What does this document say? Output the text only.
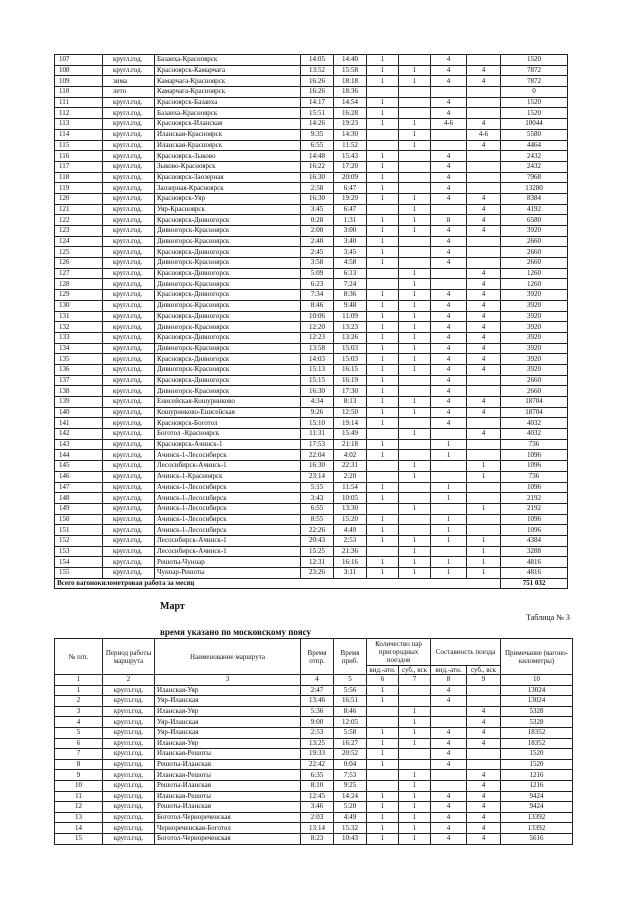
107	кругл.год.	Базаиха-Красноярск	14:05	14:40	1		4		1520
108	кругл.год.	Красноярск-Камарчага	13:52	15:58	1	1	4	4	7872
109	зима	Камарчага-Красноярск	16:26	18:18	1	1	4	4	7872
110	лето	Камарчага-Красноярск	16:26	18:36					0
111	кругл.год.	Красноярск-Базаиха	14:17	14:54	1		4		1520
112	кругл.год.	Базаиха-Красноярск	15:51	16:28	1		4		1520
113	кругл.год.	Красноярск-Иланская	14:26	19:23	1	1	4-6	4	10044
114	кругл.год.	Иланская-Красноярск	9:35	14:30		1		4-6	5580
115	кругл.год.	Иланская-Красноярск	6:55	11:52		1		4	4464
116	кругл.год.	Красноярск-Зыково	14:48	15:43	1		4		2432
117	кругл.год.	Зыково-Красноярск	16:22	17:20	1		4		2432
118	кругл.год.	Красноярск-Заозерная	16:30	20:09	1		4		7968
119	кругл.год.	Заозерная-Красноярск	2:58	6:47	1		4		13280
120	кругл.год.	Красноярск-Уяр	16:30	19:29	1	1	4	4	8384
121	кругл.год.	Уяр-Красноярск	3:45	6:47		1		4	4192
122	кругл.год.	Красноярск-Дивногорск	0:28	1:31	1	1	8	4	6580
123	кругл.год.	Дивногорск-Красноярск	2:00	3:00	1	1	4	4	3920
124	кругл.год.	Дивногорск-Красноярск	2:40	3:40	1		4		2660
125	кругл.год.	Красноярск-Дивногорск	2:45	3:45	1		4		2660
126	кругл.год.	Дивногорск-Красноярск	3:58	4:58	1		4		2660
127	кругл.год.	Красноярск-Дивногорск	5:09	6:13		1		4	1260
128	кругл.год.	Дивногорск-Красноярск	6:23	7:24		1		4	1260
129	кругл.год.	Красноярск-Дивногорск	7:34	8:36	1	1	4	4	3920
130	кругл.год.	Дивногорск-Красноярск	8:46	9:48	1	1	4	4	3920
131	кругл.год.	Красноярск-Дивногорск	10:06	11:09	1	1	4	4	3920
132	кругл.год.	Дивногорск-Красноярск	12:20	13:23	1	1	4	4	3920
133	кругл.год.	Красноярск-Дивногорск	12:23	13:26	1	1	4	4	3920
134	кругл.год.	Дивногорск-Красноярск	13:58	15:03	1	1	4	4	3920
135	кругл.год.	Красноярск-Дивногорск	14:03	15:03	1	1	4	4	3920
136	кругл.год.	Дивногорск-Красноярск	15:13	16:15	1	1	4	4	3920
137	кругл.год.	Красноярск-Дивногорск	15:15	16:19	1		4		2660
138	кругл.год.	Дивногорск-Красноярск	16:30	17:30	1		4		2660
139	кругл.год.	Енисейская-Кошурниково	4:34	8:13	1	1	4	4	18704
140	кругл.год.	Кошурниково-Енисейская	9:26	12:50	1	1	4	4	18704
141	кругл.год.	Красноярск-Боготол	15:10	19:14	1		4		4032
142	кругл.год.	Боготол -Красноярск	11:31	15:49		1		4	4032
143	кругл.год.	Красноярск-Ачинск-1	17:53	21:18	1		1		736
144	кругл.год.	Ачинск-1-Лесосибирск	22:04	4:02	1		1		1096
145	кругл.год.	Лесосибирск-Ачинск-1	16:30	22:31		1		1	1096
146	кругл.год.	Ачинск-1-Красноярск	23:14	2:20		1		1	736
147	кругл.год.	Ачинск-1-Лесосибирск	5:15	11:54	1		1		1096
148	кругл.год.	Ачинск-1-Лесосибирск	3:43	10:05	1		1		2192
149	кругл.год.	Ачинск-1-Лесосибирск	6:55	13:30		1		1	2192
150	кругл.год.	Ачинск-1-Лесосибирск	8:55	15:20	1		1		1096
151	кругл.год.	Ачинск-1-Лесосибирск	22:26	4:49	1		1		1096
152	кругл.год.	Лесосибирск-Ачинск-1	20:43	2:53	1	1	1	1	4384
153	кругл.год.	Лесосибирск-Ачинск-1	15:25	21:36		1		1	3288
154	кругл.год.	Решоты-Чуноар	12:31	16:16	1	1	1	1	4816
155	кругл.год.	Чуноар-Решоты	23:26	3:11	1	1	1	1	4816
Всего вагонокилометровая работа за месяц									751 032
Март
Таблица № 3
время указано по московскому поясу
№ п/п.	Период работы маршрута	Наименование маршрута	Время отпр.	Время приб.	Количество пар пригородных поездов		Составность поезда		Примечание (вагоно-километры)
					вид.-атн.	суб., вск	вид.-атн.	суб., вск	
1	2	3	4	5	6	7	8	9	10
1	кругл.год.	Иланская-Уяр	2:47	5:56	1		4		13024
2	кругл.год.	Уяр-Иланская	13:46	16:51	1		4		13024
3	кругл.год.	Иланская-Уяр	5:36	8:46		1		4	5328
4	кругл.год.	Уяр-Иланская	9:00	12:05		1		4	5328
5	кругл.год.	Уяр-Иланская	2:53	5:58	1	1	4	4	18352
6	кругл.год.	Иланская-Уяр	13:25	16:27	1	1	4	4	18352
7	кругл.год.	Иланская-Решоты	19:33	20:52	1		4		1520
8	кругл.год.	Решоты-Иланская	22:42	0:04	1		4		1520
9	кругл.год.	Иланская-Решоты	6:35	7:53		1		4	1216
10	кругл.год.	Решоты-Иланская	8:10	9:25		1		4	1216
11	кругл.год.	Иланская-Решоты	12:45	14:24	1	1	4	4	9424
12	кругл.год.	Решоты-Иланская	3:46	5:20	1	1	4	4	9424
13	кругл.год.	Боготол-Чернореченская	2:03	4:49	1	1	4	4	13392
14	кругл.год.	Чернореченская-Боготол	13:14	15:32	1	1	4	4	13392
15	кругл.год.	Боготол-Чернореченская	8:23	10:43	1	1	4	4	5616
